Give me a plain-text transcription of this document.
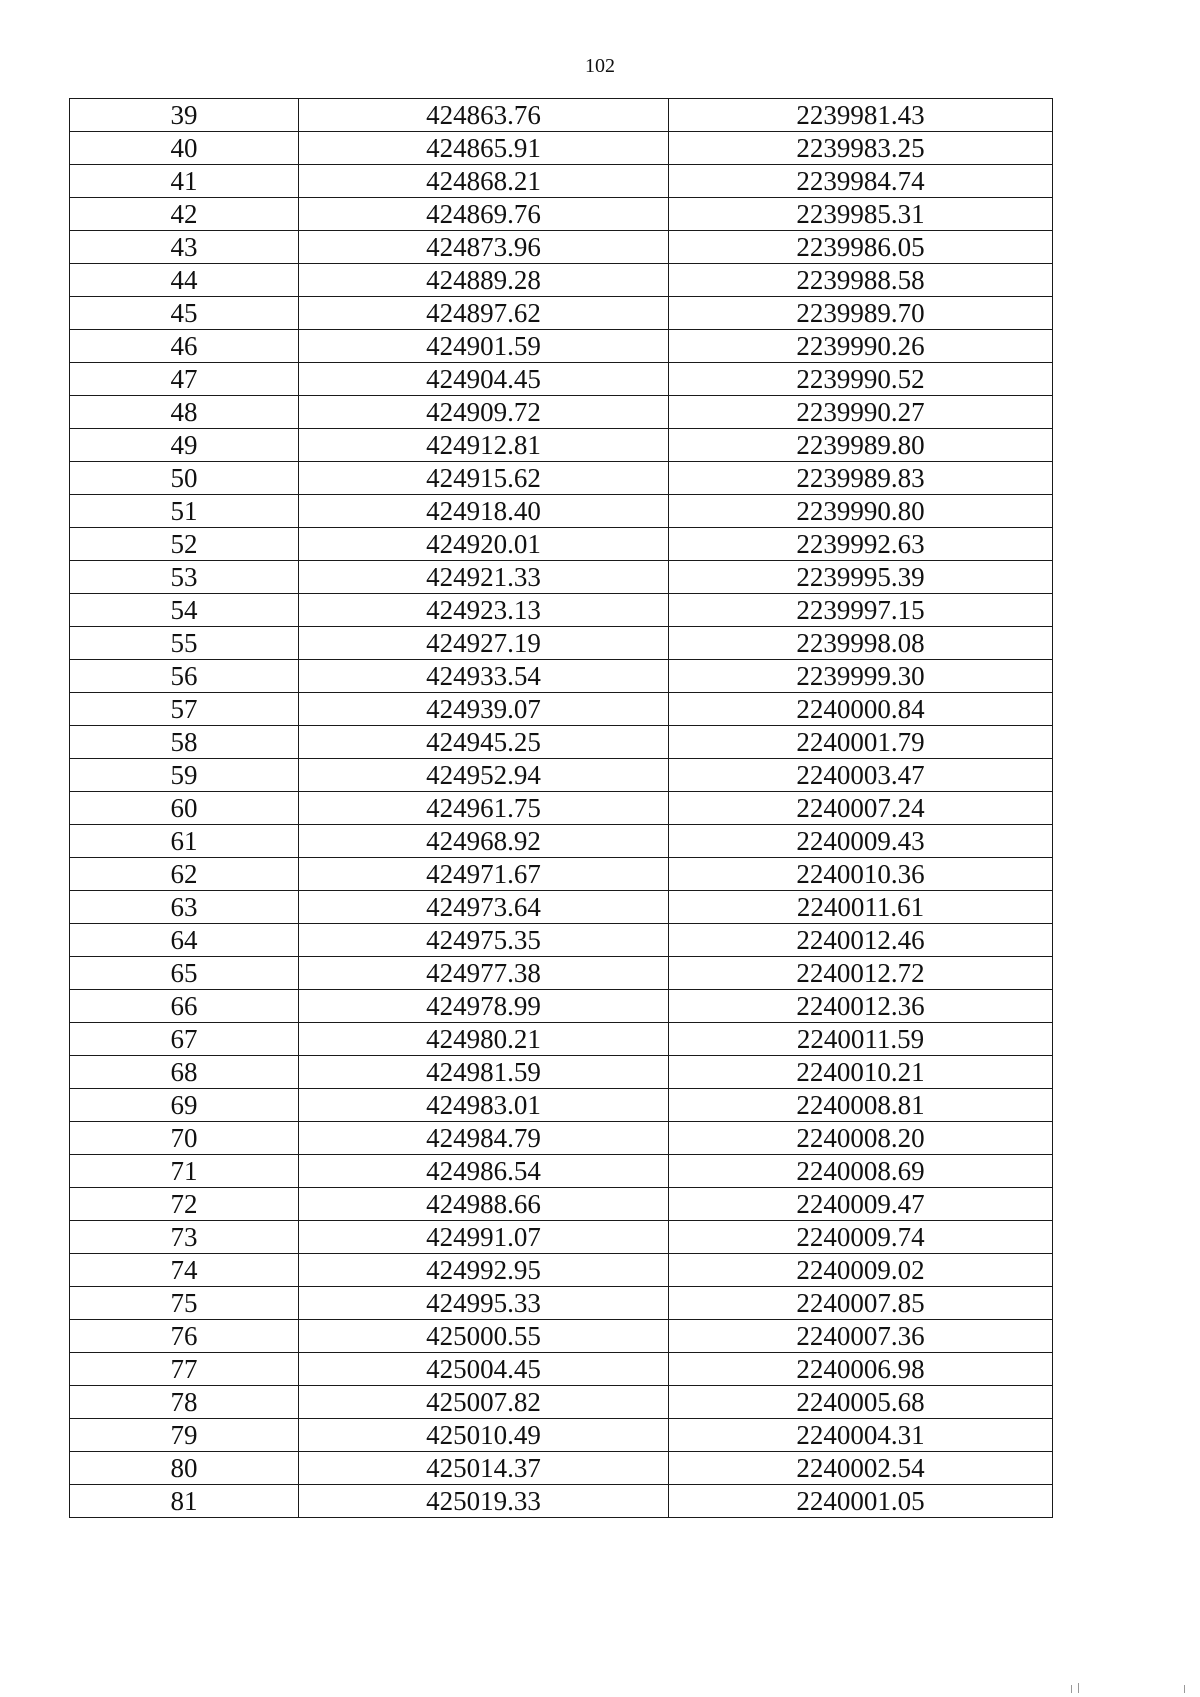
102
39	424863.76	2239981.43
40	424865.91	2239983.25
41	424868.21	2239984.74
42	424869.76	2239985.31
43	424873.96	2239986.05
44	424889.28	2239988.58
45	424897.62	2239989.70
46	424901.59	2239990.26
47	424904.45	2239990.52
48	424909.72	2239990.27
49	424912.81	2239989.80
50	424915.62	2239989.83
51	424918.40	2239990.80
52	424920.01	2239992.63
53	424921.33	2239995.39
54	424923.13	2239997.15
55	424927.19	2239998.08
56	424933.54	2239999.30
57	424939.07	2240000.84
58	424945.25	2240001.79
59	424952.94	2240003.47
60	424961.75	2240007.24
61	424968.92	2240009.43
62	424971.67	2240010.36
63	424973.64	2240011.61
64	424975.35	2240012.46
65	424977.38	2240012.72
66	424978.99	2240012.36
67	424980.21	2240011.59
68	424981.59	2240010.21
69	424983.01	2240008.81
70	424984.79	2240008.20
71	424986.54	2240008.69
72	424988.66	2240009.47
73	424991.07	2240009.74
74	424992.95	2240009.02
75	424995.33	2240007.85
76	425000.55	2240007.36
77	425004.45	2240006.98
78	425007.82	2240005.68
79	425010.49	2240004.31
80	425014.37	2240002.54
81	425019.33	2240001.05
